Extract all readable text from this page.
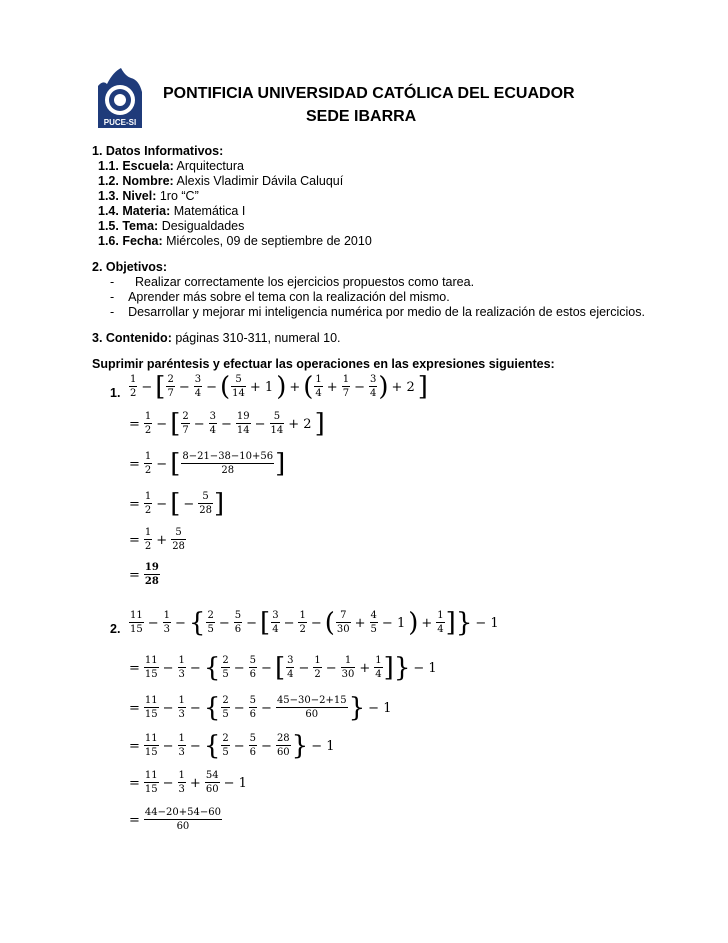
PUCE-SI
PONTIFICIA UNIVERSIDAD CATÓLICA DEL ECUADOR
SEDE IBARRA
1. Datos Informativos:
1.1. Escuela: Arquitectura
1.2. Nombre: Alexis Vladimir Dávila Caluquí
1.3. Nivel: 1ro “C”
1.4. Materia: Matemática I
1.5. Tema: Desigualdades
1.6. Fecha: Miércoles, 09 de septiembre de 2010
2. Objetivos:
-      Realizar correctamente los ejercicios propuestos como tarea.
-    Aprender más sobre el tema con la realización del mismo.
-    Desarrollar y mejorar mi inteligencia numérica por medio de la realización de estos ejercicios.
3. Contenido: páginas 310-311, numeral 10.
Suprimir paréntesis y efectuar las operaciones en las expresiones siguientes:
1.
1
2 − [ 2
$7 - \frac{3}{4}$ − ( 5
14 + 1 ) + ( 1
$4 + \frac{1}{7} - \frac{3}{4}$ ) + 2 ]
= $\frac{1}{2}$ − [ 2
$7 - \frac{3}{4} - \frac{19}{14} - \frac{5}{14} + 2$ ]
= $\frac{1}{2}$ − [ 8−21−38−10+56
28	]
= $\frac{1}{2}$ − [ − $\frac{5}{28}$ ]
= $\frac{1}{2} + \frac{5}{28}$
= $\frac{19}{28}$
2.
11
$15 - \frac{1}{3}$ − { 2
$5 - \frac{5}{6}$ − [ 3
$4 - \frac{1}{2}$ − ( 7
$30 + \frac{4}{5} - 1$ ) + $\frac{1}{4}$ ] } − 1
= $\frac{11}{15} - \frac{1}{3}$ − { 2
$5 - \frac{5}{6}$ − [ 3
$4 - \frac{1}{2} - \frac{1}{30} + \frac{1}{4}$ ] } − 1
= $\frac{11}{15} - \frac{1}{3}$ − { 2
$5 - \frac{5}{6} - \frac{45-30-2+15}{60}$ } − 1
= $\frac{11}{15} - \frac{1}{3}$ − { 2
$5 - \frac{5}{6} - \frac{28}{60}$ } − 1
= $\frac{11}{15} - \frac{1}{3} + \frac{54}{60} - 1$
= $\frac{44-20+54-60}{60}$
